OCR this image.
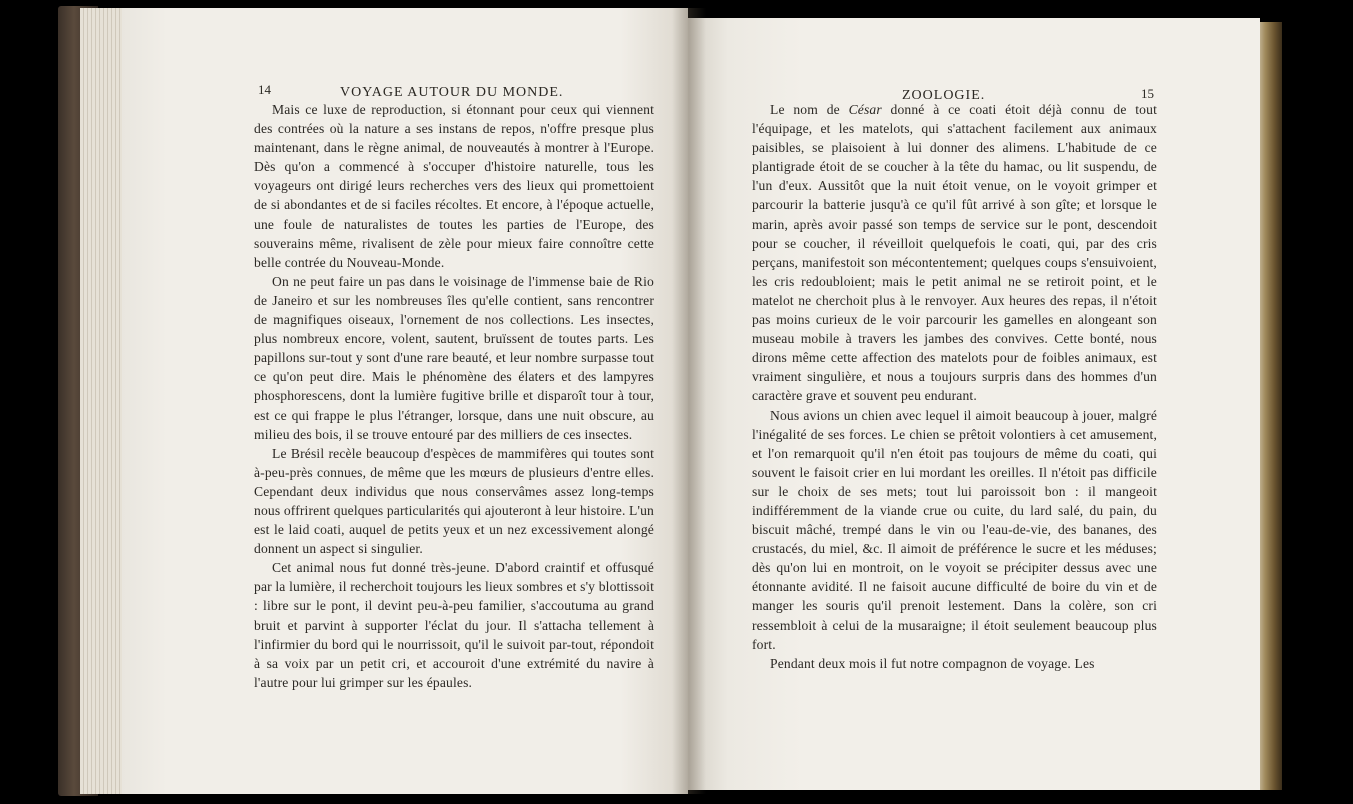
14	VOYAGE AUTOUR DU MONDE.

Mais ce luxe de reproduction, si étonnant pour ceux qui viennent des contrées où la nature a ses instans de repos, n'offre presque plus maintenant, dans le règne animal, de nouveautés à montrer à l'Europe. Dès qu'on a commencé à s'occuper d'histoire naturelle, tous les voyageurs ont dirigé leurs recherches vers des lieux qui promettoient de si abondantes et de si faciles récoltes. Et encore, à l'époque actuelle, une foule de naturalistes de toutes les parties de l'Europe, des souverains même, rivalisent de zèle pour mieux faire connoître cette belle contrée du Nouveau-Monde.

On ne peut faire un pas dans le voisinage de l'immense baie de Rio de Janeiro et sur les nombreuses îles qu'elle contient, sans rencontrer de magnifiques oiseaux, l'ornement de nos collections. Les insectes, plus nombreux encore, volent, sautent, bruïssent de toutes parts. Les papillons sur-tout y sont d'une rare beauté, et leur nombre surpasse tout ce qu'on peut dire. Mais le phénomène des élaters et des lampyres phosphorescens, dont la lumière fugitive brille et disparoît tour à tour, est ce qui frappe le plus l'étranger, lorsque, dans une nuit obscure, au milieu des bois, il se trouve entouré par des milliers de ces insectes.

Le Brésil recèle beaucoup d'espèces de mammifères qui toutes sont à-peu-près connues, de même que les mœurs de plusieurs d'entre elles. Cependant deux individus que nous conservâmes assez long-temps nous offrirent quelques particularités qui ajouteront à leur histoire. L'un est le laid coati, auquel de petits yeux et un nez excessivement alongé donnent un aspect si singulier.

Cet animal nous fut donné très-jeune. D'abord craintif et offusqué par la lumière, il recherchoit toujours les lieux sombres et s'y blottissoit : libre sur le pont, il devint peu-à-peu familier, s'accoutuma au grand bruit et parvint à supporter l'éclat du jour. Il s'attacha tellement à l'infirmier du bord qui le nourrissoit, qu'il le suivoit par-tout, répondoit à sa voix par un petit cri, et accouroit d'une extrémité du navire à l'autre pour lui grimper sur les épaules.

ZOOLOGIE.	15

Le nom de César donné à ce coati étoit déjà connu de tout l'équipage, et les matelots, qui s'attachent facilement aux animaux paisibles, se plaisoient à lui donner des alimens. L'habitude de ce plantigrade étoit de se coucher à la tête du hamac, ou lit suspendu, de l'un d'eux. Aussitôt que la nuit étoit venue, on le voyoit grimper et parcourir la batterie jusqu'à ce qu'il fût arrivé à son gîte; et lorsque le marin, après avoir passé son temps de service sur le pont, descendoit pour se coucher, il réveilloit quelquefois le coati, qui, par des cris perçans, manifestoit son mécontentement; quelques coups s'ensuivoient, les cris redoubloient; mais le petit animal ne se retiroit point, et le matelot ne cherchoit plus à le renvoyer. Aux heures des repas, il n'étoit pas moins curieux de le voir parcourir les gamelles en alongeant son museau mobile à travers les jambes des convives. Cette bonté, nous dirons même cette affection des matelots pour de foibles animaux, est vraiment singulière, et nous a toujours surpris dans des hommes d'un caractère grave et souvent peu endurant.

Nous avions un chien avec lequel il aimoit beaucoup à jouer, malgré l'inégalité de ses forces. Le chien se prêtoit volontiers à cet amusement, et l'on remarquoit qu'il n'en étoit pas toujours de même du coati, qui souvent le faisoit crier en lui mordant les oreilles. Il n'étoit pas difficile sur le choix de ses mets; tout lui paroissoit bon : il mangeoit indifféremment de la viande crue ou cuite, du lard salé, du pain, du biscuit mâché, trempé dans le vin ou l'eau-de-vie, des bananes, des crustacés, du miel, &c. Il aimoit de préférence le sucre et les méduses; dès qu'on lui en montroit, on le voyoit se précipiter dessus avec une étonnante avidité. Il ne faisoit aucune difficulté de boire du vin et de manger les souris qu'il prenoit lestement. Dans la colère, son cri ressembloit à celui de la musaraigne; il étoit seulement beaucoup plus fort.

Pendant deux mois il fut notre compagnon de voyage. Les
